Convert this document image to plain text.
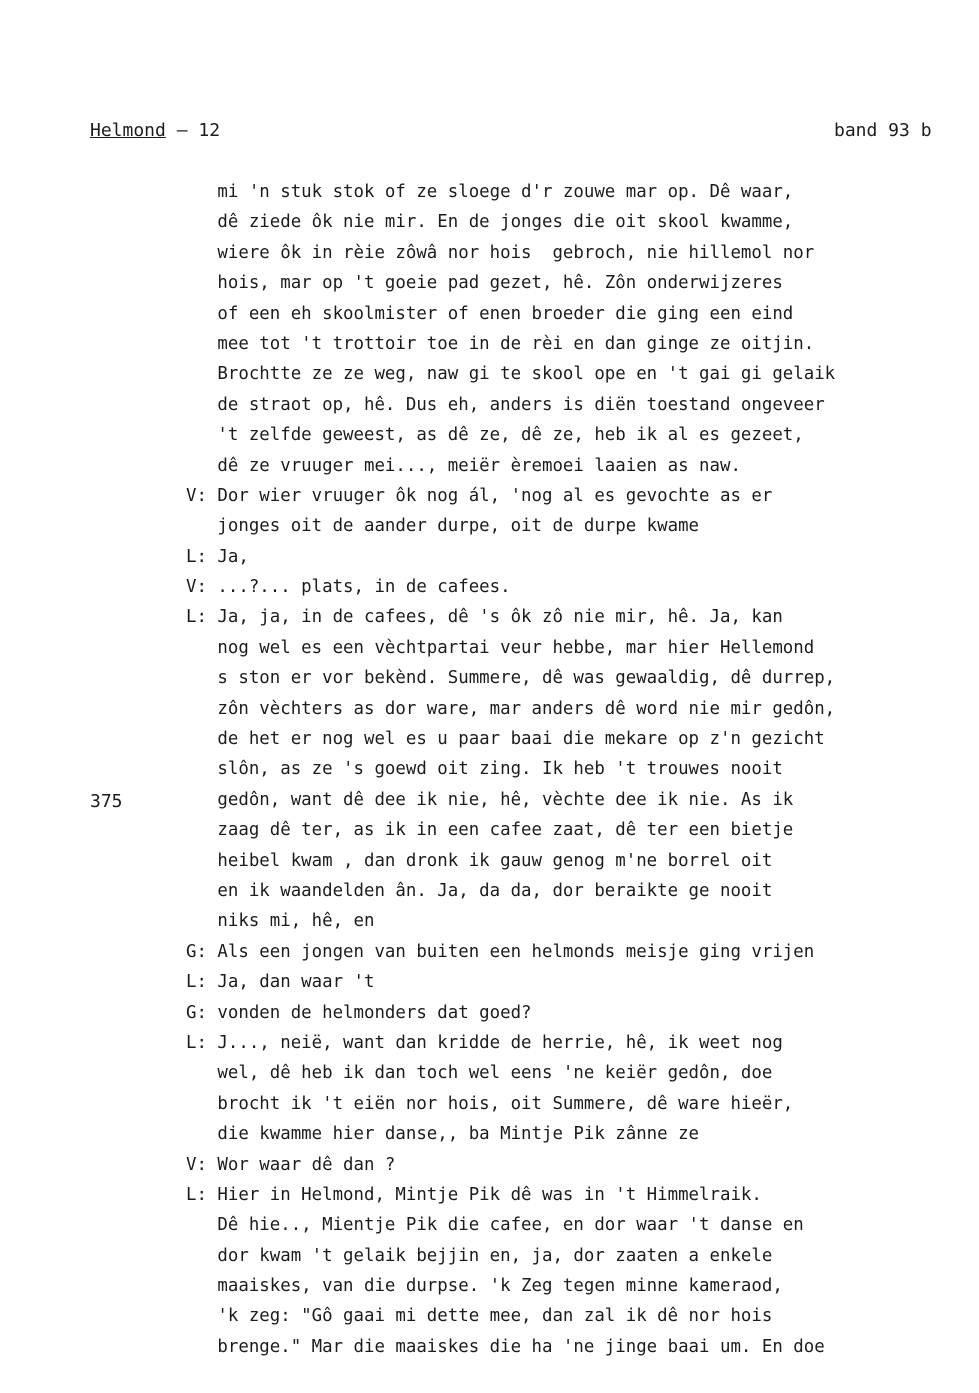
Helmond – 12	band 93 b
375
mi 'n stuk stok of ze sloege d'r zouwe mar op. Dê waar,
dê ziede ôk nie mir. En de jonges die oit skool kwamme,
wiere ôk in rèie zôwâ nor hois  gebroch, nie hillemol nor
hois, mar op 't goeie pad gezet, hê. Zôn onderwijzeres
of een eh skoolmister of enen broeder die ging een eind
mee tot 't trottoir toe in de rèi en dan ginge ze oitjin.
Brochtte ze ze weg, naw gi te skool ope en 't gai gi gelaik
de straot op, hê. Dus eh, anders is diën toestand ongeveer
't zelfde geweest, as dê ze, dê ze, heb ik al es gezeet,
dê ze vruuger mei..., meiër èremoei laaien as naw.
V: Dor wier vruuger ôk nog ál, 'nog al es gevochte as er
jonges oit de aander durpe, oit de durpe kwame
L: Ja,
V: ...?... plats, in de cafees.
L: Ja, ja, in de cafees, dê 's ôk zô nie mir, hê. Ja, kan
nog wel es een vèchtpartai veur hebbe, mar hier Hellemond
s ston er vor bekènd. Summere, dê was gewaaldig, dê durrep,
zôn vèchters as dor ware, mar anders dê word nie mir gedôn,
de het er nog wel es u paar baai die mekare op z'n gezicht
slôn, as ze 's goewd oit zing. Ik heb 't trouwes nooit
gedôn, want dê dee ik nie, hê, vèchte dee ik nie. As ik
zaag dê ter, as ik in een cafee zaat, dê ter een bietje
heibel kwam , dan dronk ik gauw genog m'ne borrel oit
en ik waandelden ân. Ja, da da, dor beraikte ge nooit
niks mi, hê, en
G: Als een jongen van buiten een helmonds meisje ging vrijen
L: Ja, dan waar 't
G: vonden de helmonders dat goed?
L: J..., neië, want dan kridde de herrie, hê, ik weet nog
wel, dê heb ik dan toch wel eens 'ne keiër gedôn, doe
brocht ik 't eiën nor hois, oit Summere, dê ware hieër,
die kwamme hier danse,, ba Mintje Pik zânne ze
V: Wor waar dê dan ?
L: Hier in Helmond, Mintje Pik dê was in 't Himmelraik.
Dê hie.., Mientje Pik die cafee, en dor waar 't danse en
dor kwam 't gelaik bejjin en, ja, dor zaaten a enkele
maaiskes, van die durpse. 'k Zeg tegen minne kameraod,
'k zeg: "Gô gaai mi dette mee, dan zal ik dê nor hois
brenge." Mar die maaiskes die ha 'ne jinge baai um. En doe
